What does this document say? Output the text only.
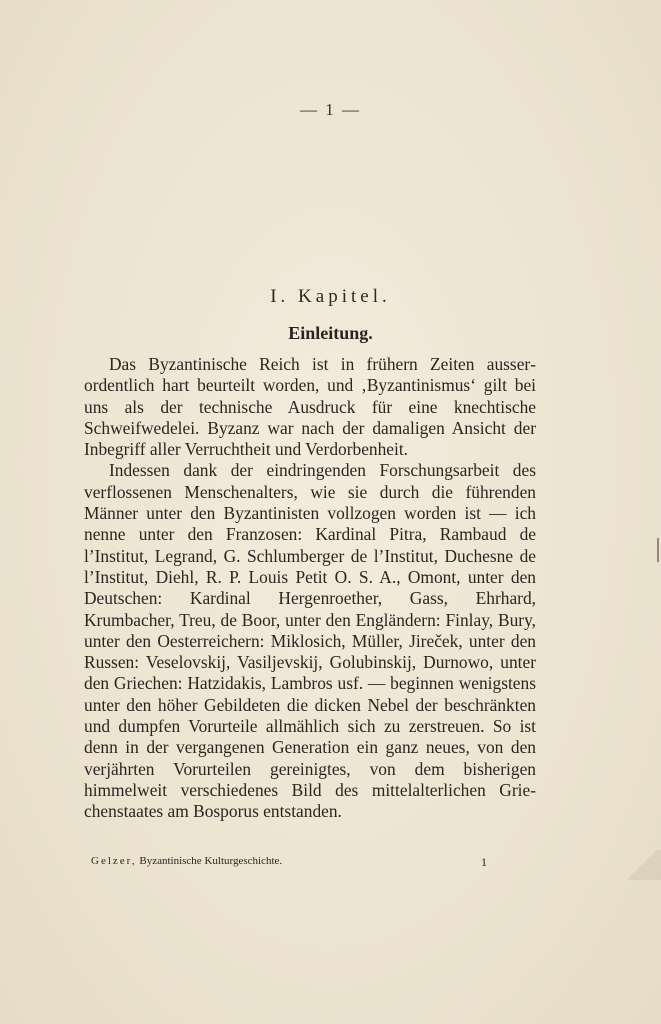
— 1 —
I. Kapitel.
Einleitung.

Das Byzantinische Reich ist in frühern Zeiten ausserordentlich hart beurteilt worden, und ‚Byzantinismus‘ gilt bei uns als der technische Ausdruck für eine knechtische Schweifwedelei. Byzanz war nach der damaligen Ansicht der Inbegriff aller Verruchtheit und Verdorbenheit.

Indessen dank der eindringenden Forschungsarbeit des verflossenen Menschenalters, wie sie durch die führenden Männer unter den Byzantinisten vollzogen worden ist — ich nenne unter den Franzosen: Kardinal Pitra, Rambaud de l’Institut, Legrand, G. Schlumberger de l’Institut, Duchesne de l’Institut, Diehl, R. P. Louis Petit O. S. A., Omont, unter den Deutschen: Kardinal Hergenroether, Gass, Ehrhard, Krumbacher, Treu, de Boor, unter den Engländern: Finlay, Bury, unter den Oesterreichern: Miklosich, Müller, Jireček, unter den Russen: Veselovskij, Vasiljevskij, Golubinskij, Durnowo, unter den Griechen: Hatzidakis, Lambros usf. — beginnen wenigstens unter den höher Gebildeten die dicken Nebel der beschränkten und dumpfen Vorurteile allmählich sich zu zerstreuen. So ist denn in der vergangenen Generation ein ganz neues, von den verjährten Vorurteilen gereinigtes, von dem bisherigen himmelweit verschiedenes Bild des mittelalterlichen Griechenstaates am Bosporus entstanden.

Gelzer, Byzantinische Kulturgeschichte.	1
